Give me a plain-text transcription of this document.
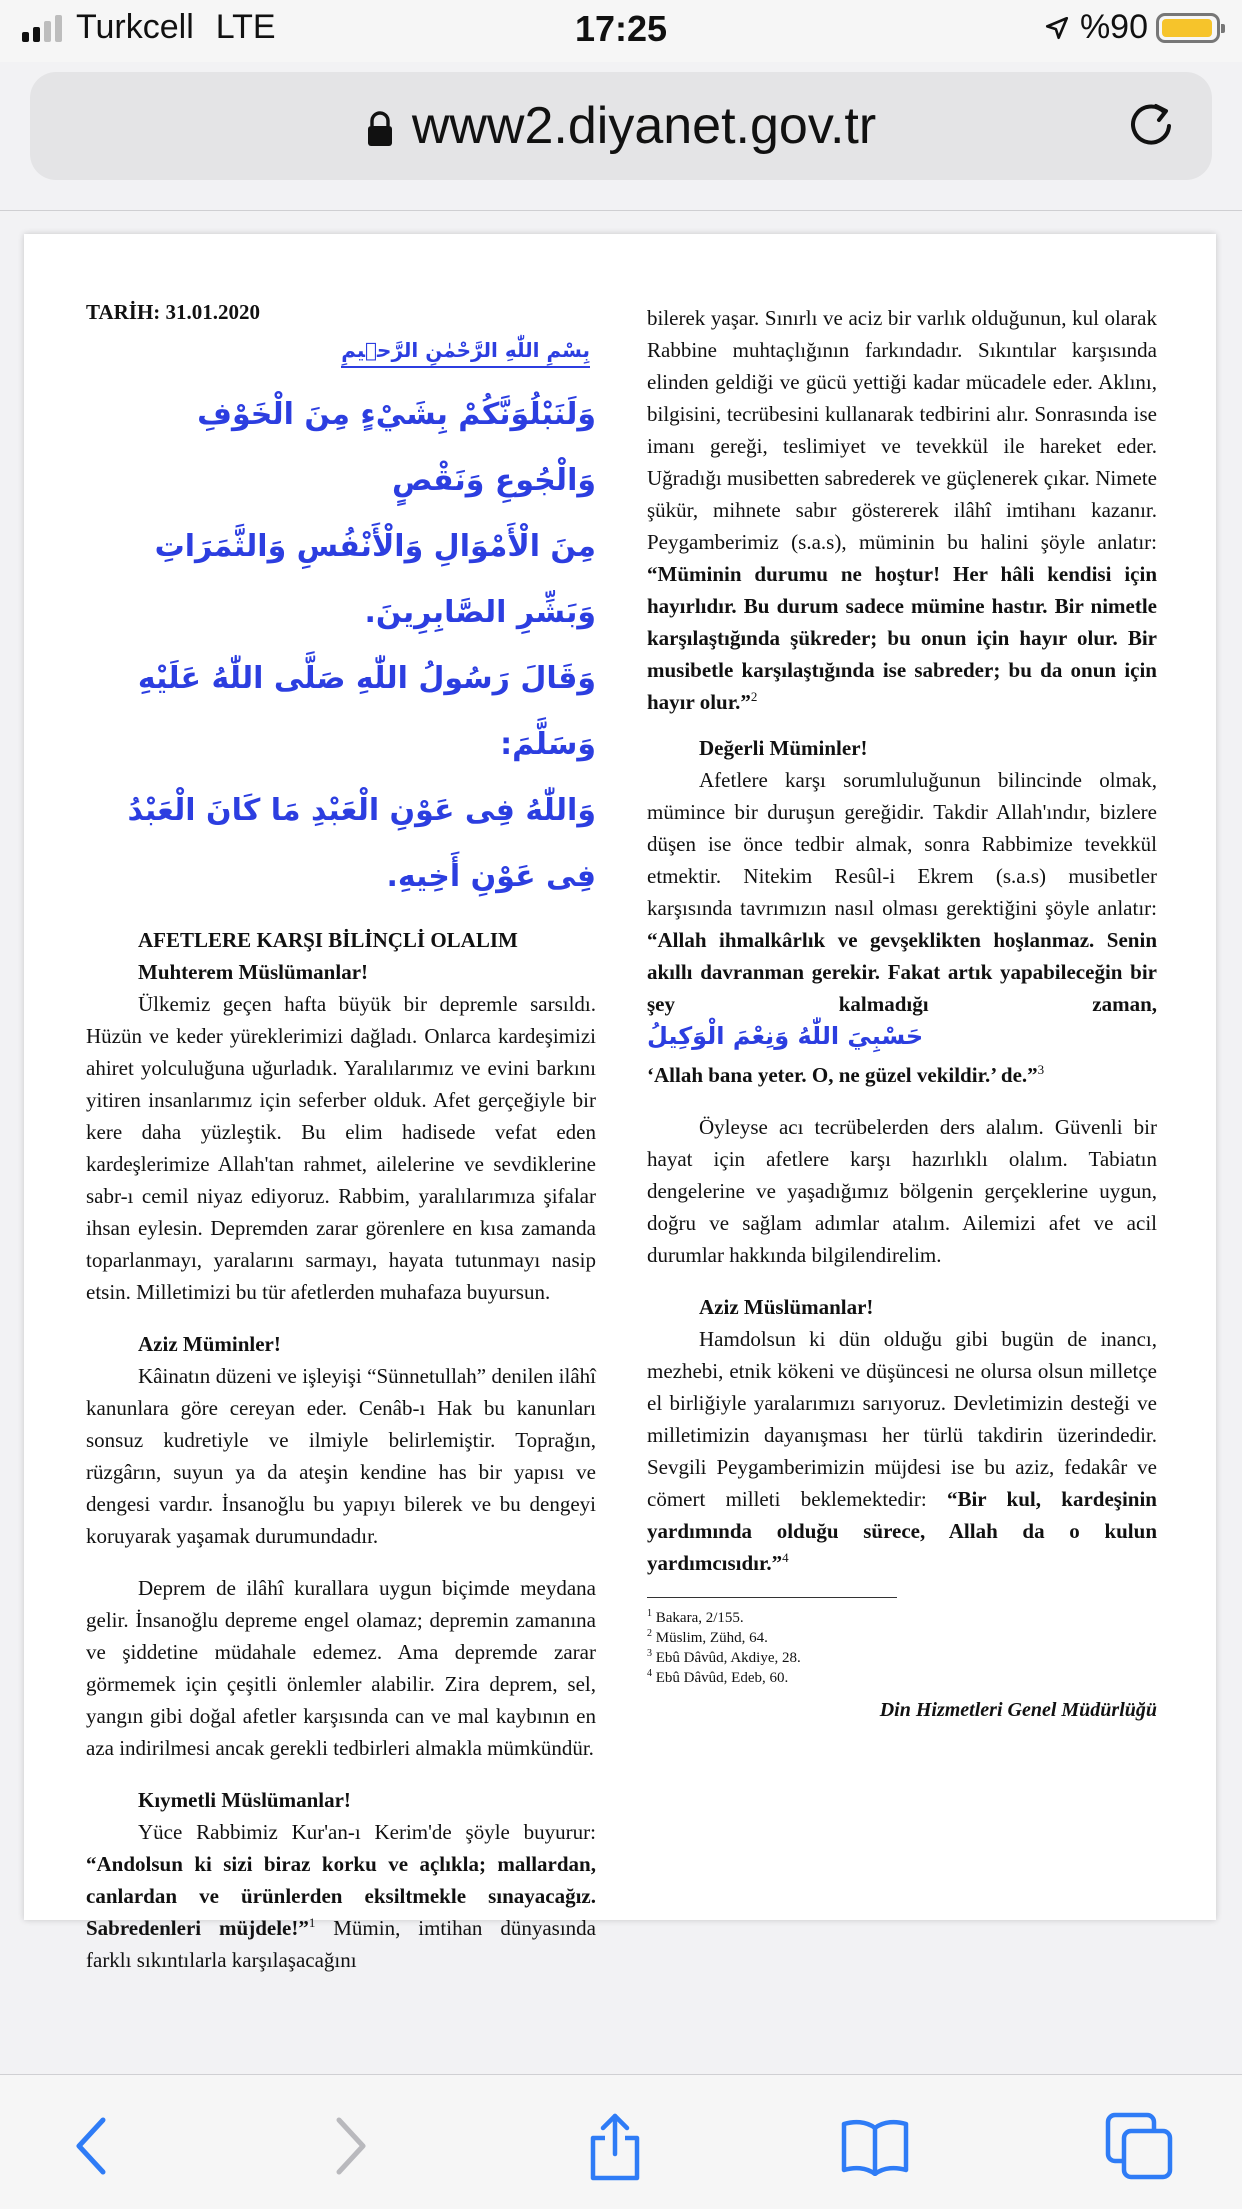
Turkcell LTE	17:25	%90
www2.diyanet.gov.tr
TARİH: 31.01.2020
بِسْمِ اللّٰهِ الرَّحْمٰنِ الرَّح۪يمِ
وَلَنَبْلُوَنَّكُمْ بِشَيْءٍ مِنَ الْخَوْفِ وَالْجُوعِ وَنَقْصٍ
مِنَ الْأَمْوَالِ وَالْأَنْفُسِ وَالثَّمَرَاتِ وَبَشِّرِ الصَّابِرِينَ.
وَقَالَ رَسُولُ اللّٰهِ صَلَّى اللّٰهُ عَلَيْهِ وَسَلَّمَ:
وَاللّٰهُ فِى عَوْنِ الْعَبْدِ مَا كَانَ الْعَبْدُ فِى عَوْنِ أَخِيهِ.

AFETLERE KARŞI BİLİNÇLİ OLALIM

Muhterem Müslümanlar!

Ülkemiz geçen hafta büyük bir depremle sarsıldı. Hüzün ve keder yüreklerimizi dağladı. Onlarca kardeşimizi ahiret yolculuğuna uğurladık. Yaralılarımız ve evini barkını yitiren insanlarımız için seferber olduk. Afet gerçeğiyle bir kere daha yüzleştik. Bu elim hadisede vefat eden kardeşlerimize Allah'tan rahmet, ailelerine ve sevdiklerine sabr-ı cemil niyaz ediyoruz. Rabbim, yaralılarımıza şifalar ihsan eylesin. Depremden zarar görenlere en kısa zamanda toparlanmayı, yaralarını sarmayı, hayata tutunmayı nasip etsin. Milletimizi bu tür afetlerden muhafaza buyursun.

Aziz Müminler!

Kâinatın düzeni ve işleyişi “Sünnetullah” denilen ilâhî kanunlara göre cereyan eder. Cenâb-ı Hak bu kanunları sonsuz kudretiyle ve ilmiyle belirlemiştir. Toprağın, rüzgârın, suyun ya da ateşin kendine has bir yapısı ve dengesi vardır. İnsanoğlu bu yapıyı bilerek ve bu dengeyi koruyarak yaşamak durumundadır.

Deprem de ilâhî kurallara uygun biçimde meydana gelir. İnsanoğlu depreme engel olamaz; depremin zamanına ve şiddetine müdahale edemez. Ama depremde zarar görmemek için çeşitli önlemler alabilir. Zira deprem, sel, yangın gibi doğal afetler karşısında can ve mal kaybının en aza indirilmesi ancak gerekli tedbirleri almakla mümkündür.

Kıymetli Müslümanlar!

Yüce Rabbimiz Kur'an-ı Kerim'de şöyle buyurur: “Andolsun ki sizi biraz korku ve açlıkla; mallardan, canlardan ve ürünlerden eksiltmekle sınayacağız. Sabredenleri müjdele!”$^1$ Mümin, imtihan dünyasında farklı sıkıntılarla karşılaşacağını

bilerek yaşar. Sınırlı ve aciz bir varlık olduğunun, kul olarak Rabbine muhtaçlığının farkındadır. Sıkıntılar karşısında elinden geldiği ve gücü yettiği kadar mücadele eder. Aklını, bilgisini, tecrübesini kullanarak tedbirini alır. Sonrasında ise imanı gereği, teslimiyet ve tevekkül ile hareket eder. Uğradığı musibetten sabrederek ve güçlenerek çıkar. Nimete şükür, mihnete sabır göstererek ilâhî imtihanı kazanır. Peygamberimiz (s.a.s), müminin bu halini şöyle anlatır: “Müminin durumu ne hoştur! Her hâli kendisi için hayırlıdır. Bu durum sadece mümine hastır. Bir nimetle karşılaştığında şükreder; bu onun için hayır olur. Bir musibetle karşılaştığında ise sabreder; bu da onun için hayır olur.”$^2$

Değerli Müminler!

Afetlere karşı sorumluluğunun bilincinde olmak, mümince bir duruşun gereğidir. Takdir Allah'ındır, bizlere düşen ise önce tedbir almak, sonra Rabbimize tevekkül etmektir. Nitekim Resûl-i Ekrem (s.a.s) musibetler karşısında tavrımızın nasıl olması gerektiğini şöyle anlatır: “Allah ihmalkârlık ve gevşeklikten hoşlanmaz. Senin akıllı davranman gerekir. Fakat artık yapabileceğin bir şey kalmadığı zaman, حَسْبِيَ اللّٰهُ وَنِعْمَ الْوَكِيلُ

‘Allah bana yeter. O, ne güzel vekildir.’ de.”$^3$

Öyleyse acı tecrübelerden ders alalım. Güvenli bir hayat için afetlere karşı hazırlıklı olalım. Tabiatın dengelerine ve yaşadığımız bölgenin gerçeklerine uygun, doğru ve sağlam adımlar atalım. Ailemizi afet ve acil durumlar hakkında bilgilendirelim.

Aziz Müslümanlar!

Hamdolsun ki dün olduğu gibi bugün de inancı, mezhebi, etnik kökeni ve düşüncesi ne olursa olsun milletçe el birliğiyle yaralarımızı sarıyoruz. Devletimizin desteği ve milletimizin dayanışması her türlü takdirin üzerindedir. Sevgili Peygamberimizin müjdesi ise bu aziz, fedakâr ve cömert milleti beklemektedir: “Bir kul, kardeşinin yardımında olduğu sürece, Allah da o kulun yardımcısıdır.”$^4$

$^1$ Bakara, 2/155.
$^2$ Müslim, Zühd, 64.
$^3$ Ebû Dâvûd, Akdiye, 28.
$^4$ Ebû Dâvûd, Edeb, 60.
Din Hizmetleri Genel Müdürlüğü
